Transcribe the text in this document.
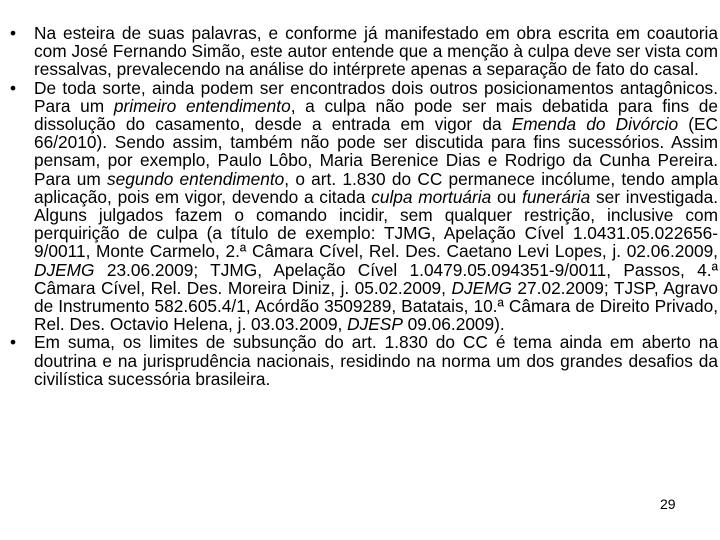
• Na esteira de suas palavras, e conforme já manifestado em obra escrita em coautoria com José Fernando Simão, este autor entende que a menção à culpa deve ser vista com ressalvas, prevalecendo na análise do intérprete apenas a separação de fato do casal.
• De toda sorte, ainda podem ser encontrados dois outros posicionamentos antagônicos. Para um primeiro entendimento, a culpa não pode ser mais debatida para fins de dissolução do casamento, desde a entrada em vigor da Emenda do Divórcio (EC 66/2010). Sendo assim, também não pode ser discutida para fins sucessórios. Assim pensam, por exemplo, Paulo Lôbo, Maria Berenice Dias e Rodrigo da Cunha Pereira. Para um segundo entendimento, o art. 1.830 do CC permanece incólume, tendo ampla aplicação, pois em vigor, devendo a citada culpa mortuária ou funerária ser investigada. Alguns julgados fazem o comando incidir, sem qualquer restrição, inclusive com perquirição de culpa (a título de exemplo: TJMG, Apelação Cível 1.0431.05.022656-9/0011, Monte Carmelo, 2.ª Câmara Cível, Rel. Des. Caetano Levi Lopes, j. 02.06.2009, DJEMG 23.06.2009; TJMG, Apelação Cível 1.0479.05.094351-9/0011, Passos, 4.ª Câmara Cível, Rel. Des. Moreira Diniz, j. 05.02.2009, DJEMG 27.02.2009; TJSP, Agravo de Instrumento 582.605.4/1, Acórdão 3509289, Batatais, 10.ª Câmara de Direito Privado, Rel. Des. Octavio Helena, j. 03.03.2009, DJESP 09.06.2009).
• Em suma, os limites de subsunção do art. 1.830 do CC é tema ainda em aberto na doutrina e na jurisprudência nacionais, residindo na norma um dos grandes desafios da civilística sucessória brasileira.
29
